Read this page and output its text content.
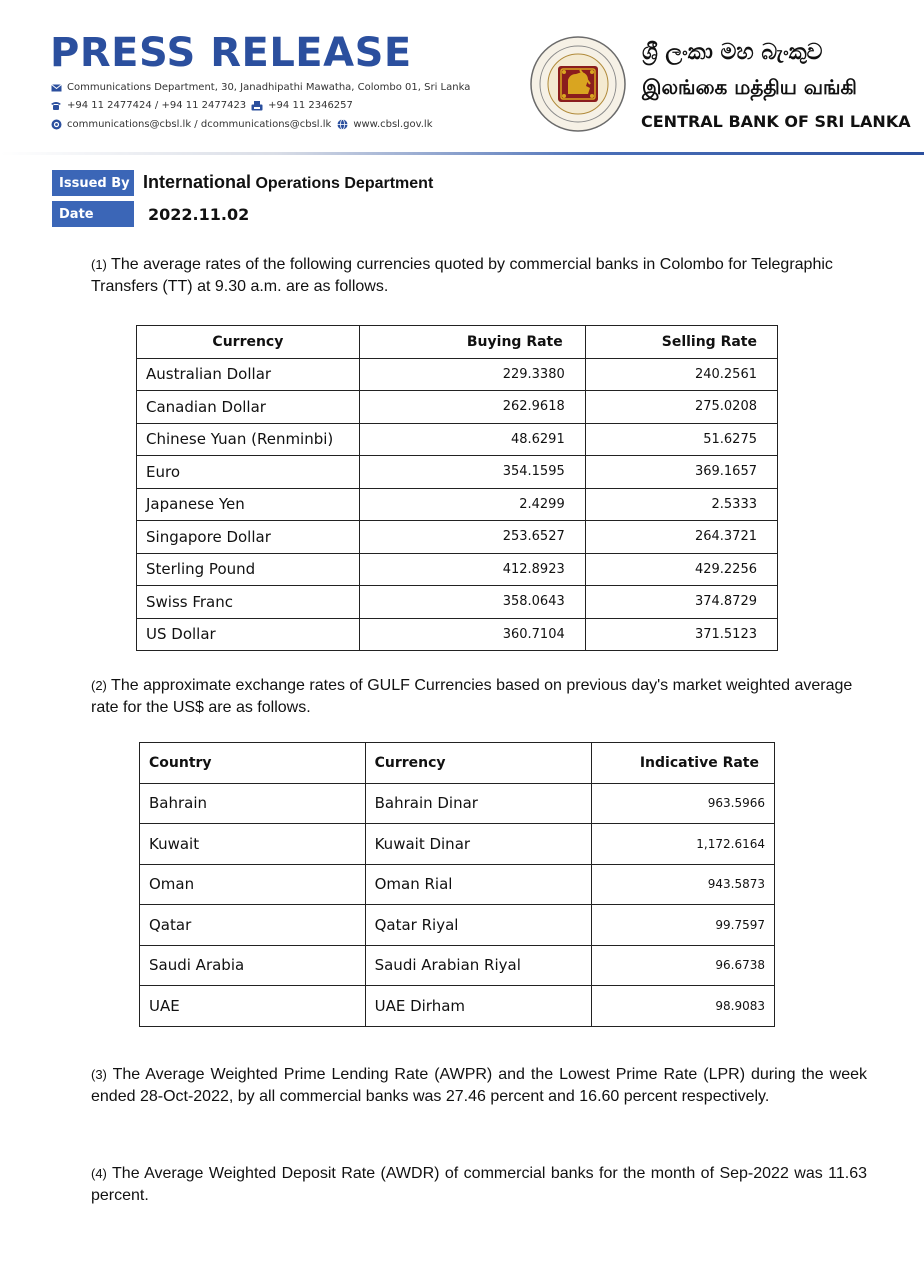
PRESS RELEASE
Communications Department, 30, Janadhipathi Mawatha, Colombo 01, Sri Lanka
+94 11 2477424 / +94 11 2477423 +94 11 2346257
communications@cbsl.lk / dcommunications@cbsl.lk www.cbsl.gov.lk
ශ්‍රී ලංකා මහ බැංකුව
இலங்கை மத்திய வங்கி
CENTRAL BANK OF SRI LANKA
Issued By International Operations Department
Date	2022.11.02
(1) The average rates of the following currencies quoted by commercial banks in Colombo for Telegraphic Transfers (TT) at 9.30 a.m. are as follows.
Currency	Buying Rate	Selling Rate
Australian Dollar	229.3380	240.2561
Canadian Dollar	262.9618	275.0208
Chinese Yuan (Renminbi)	48.6291	51.6275
Euro	354.1595	369.1657
Japanese Yen	2.4299	2.5333
Singapore Dollar	253.6527	264.3721
Sterling Pound	412.8923	429.2256
Swiss Franc	358.0643	374.8729
US Dollar	360.7104	371.5123
(2) The approximate exchange rates of GULF Currencies based on previous day's market weighted average rate for the US$ are as follows.
Country	Currency	Indicative Rate
Bahrain	Bahrain Dinar	963.5966
Kuwait	Kuwait Dinar	1,172.6164
Oman	Oman Rial	943.5873
Qatar	Qatar Riyal	99.7597
Saudi Arabia	Saudi Arabian Riyal	96.6738
UAE	UAE Dirham	98.9083
(3) The Average Weighted Prime Lending Rate (AWPR) and the Lowest Prime Rate (LPR) during the week ended 28-Oct-2022, by all commercial banks was 27.46 percent and 16.60 percent respectively.
(4) The Average Weighted Deposit Rate (AWDR) of commercial banks for the month of Sep-2022 was 11.63 percent.
